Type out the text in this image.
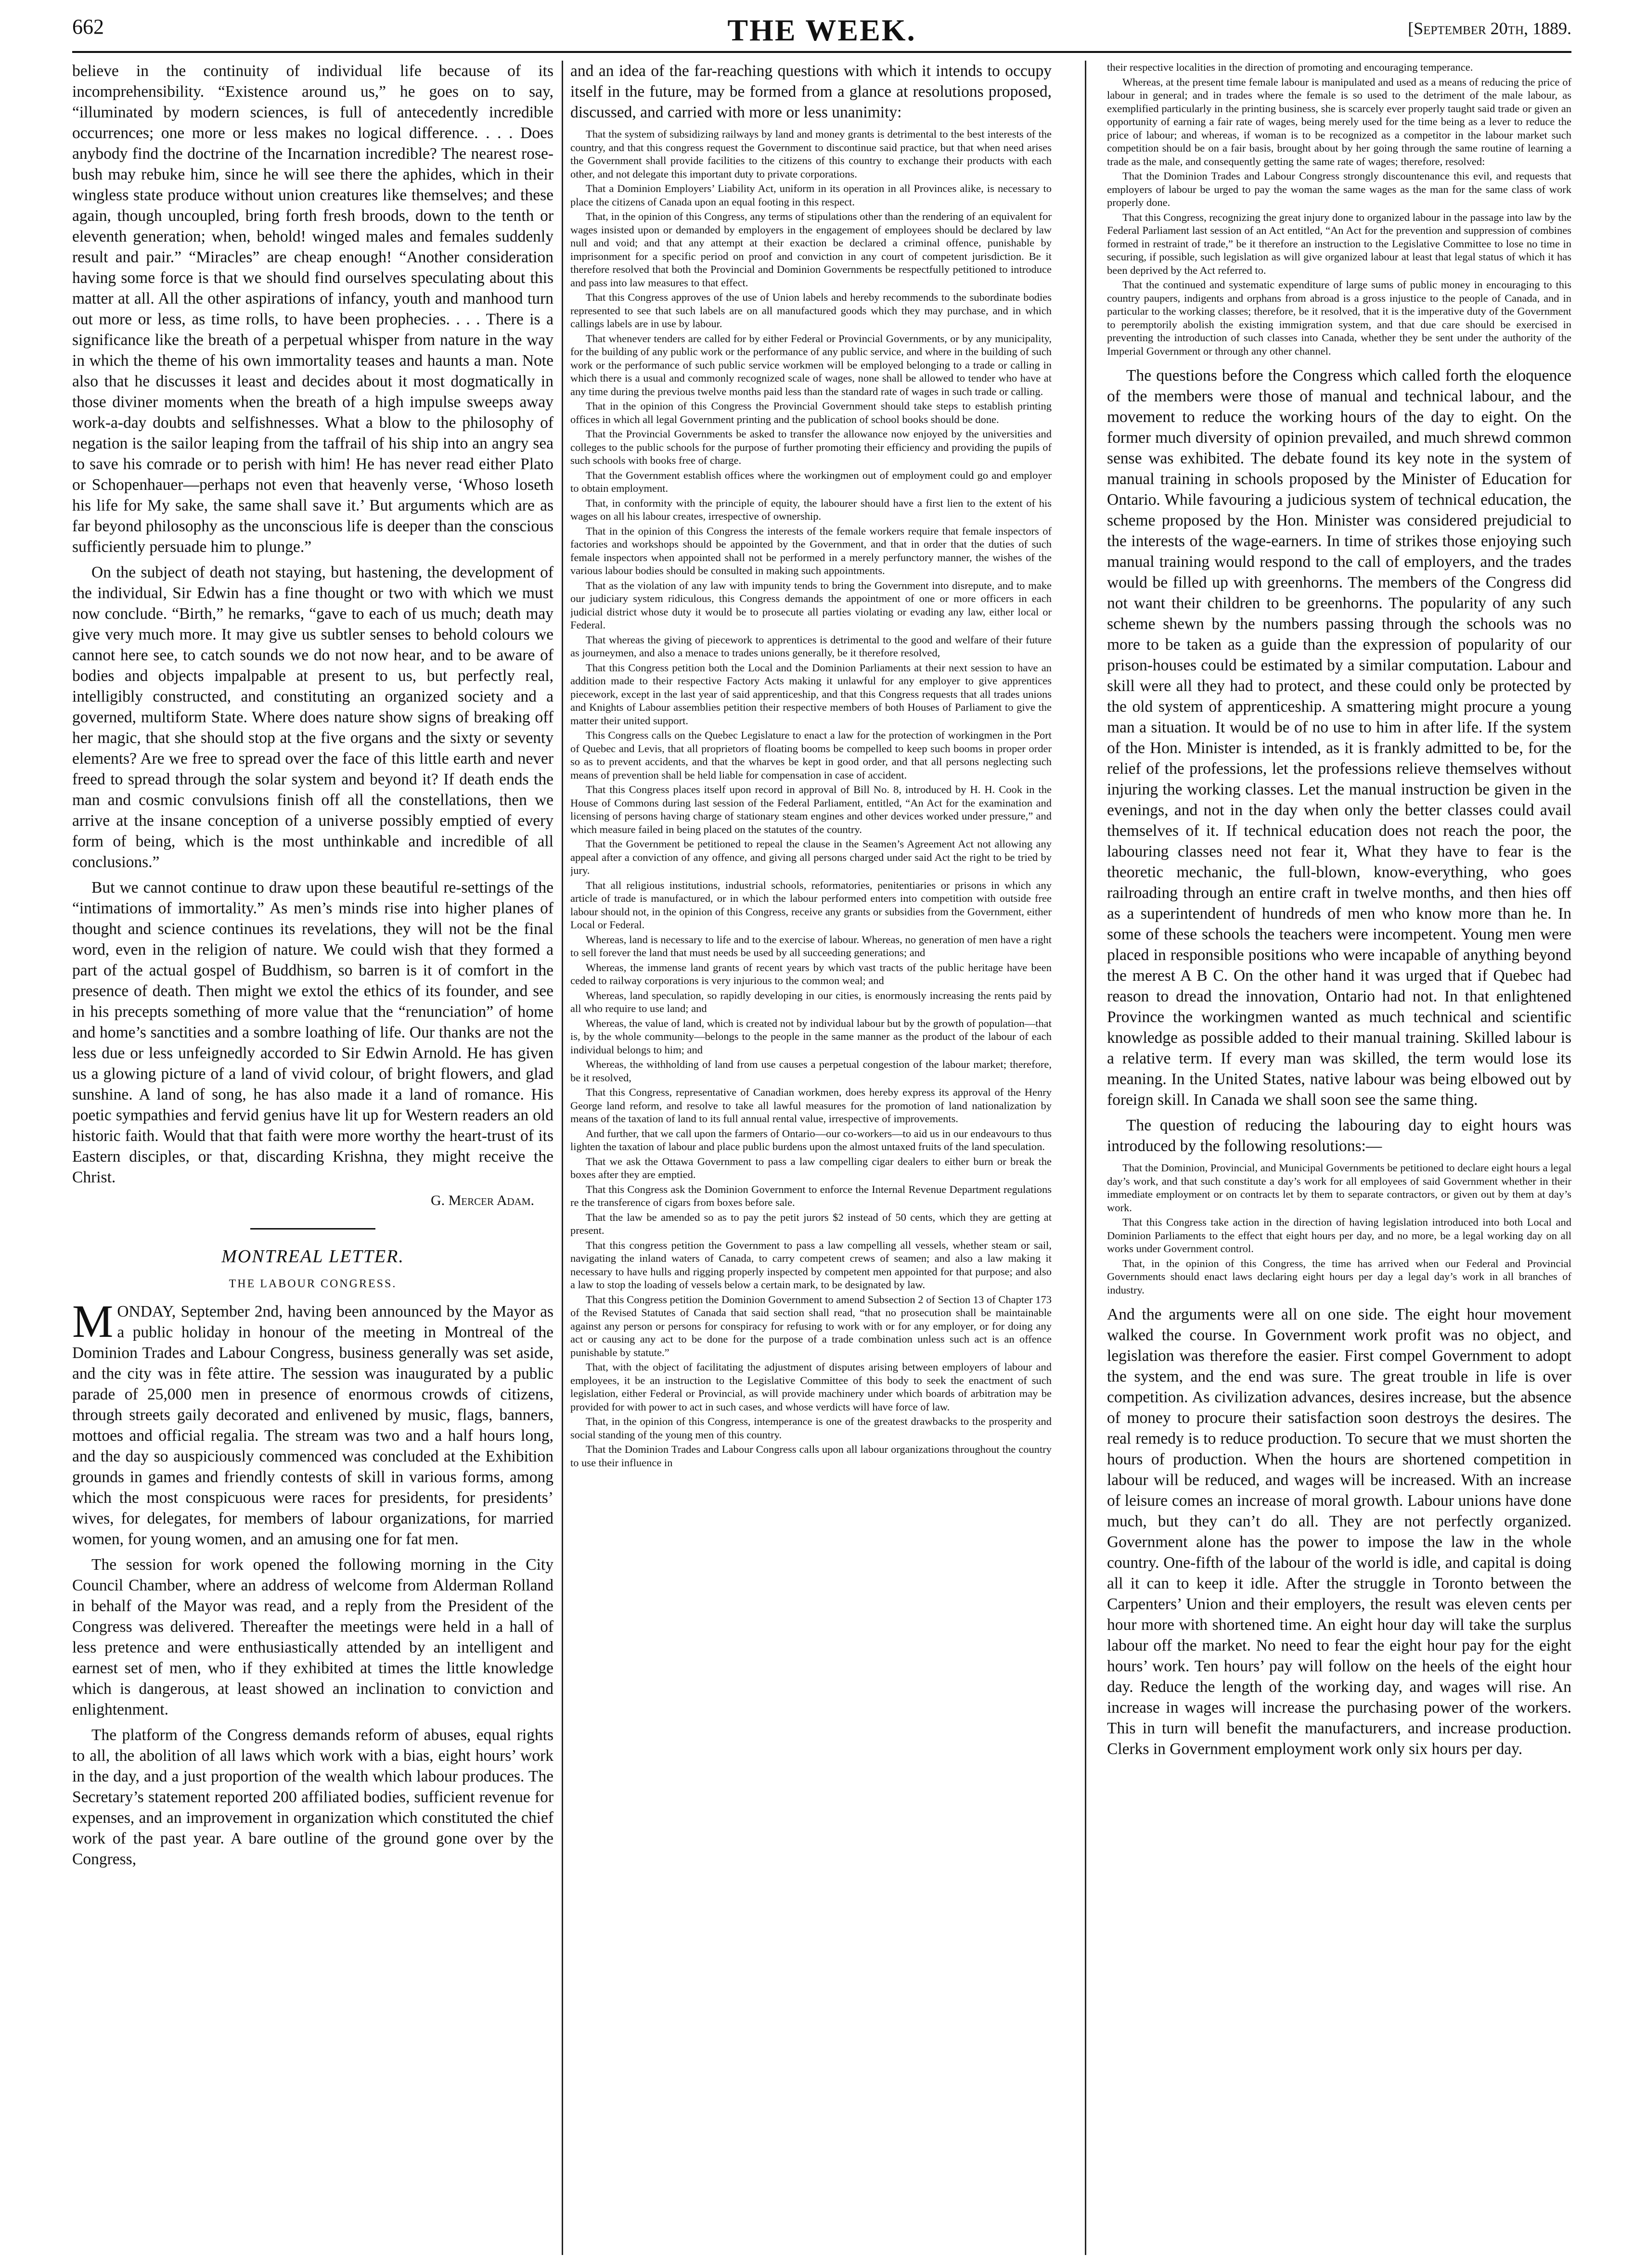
662	THE WEEK.	[September 20th, 1889.

believe in the continuity of individual life because of its incomprehensibility. “Existence around us,” he goes on to say, “illuminated by modern sciences, is full of antecedently incredible occurrences; one more or less makes no logical difference. . . . Does anybody find the doctrine of the Incarnation incredible? The nearest rose-bush may rebuke him, since he will see there the aphides, which in their wingless state produce without union creatures like themselves; and these again, though uncoupled, bring forth fresh broods, down to the tenth or eleventh generation; when, behold! winged males and females suddenly result and pair.” “Miracles” are cheap enough! “Another consideration having some force is that we should find ourselves speculating about this matter at all. All the other aspirations of infancy, youth and manhood turn out more or less, as time rolls, to have been prophecies. . . . There is a significance like the breath of a perpetual whisper from nature in the way in which the theme of his own immortality teases and haunts a man. Note also that he discusses it least and decides about it most dogmatically in those diviner moments when the breath of a high impulse sweeps away work-a-day doubts and selfishnesses. What a blow to the philosophy of negation is the sailor leaping from the taffrail of his ship into an angry sea to save his comrade or to perish with him! He has never read either Plato or Schopenhauer—perhaps not even that heavenly verse, ‘Whoso loseth his life for My sake, the same shall save it.’ But arguments which are as far beyond philosophy as the unconscious life is deeper than the conscious sufficiently persuade him to plunge.”

On the subject of death not staying, but hastening, the development of the individual, Sir Edwin has a fine thought or two with which we must now conclude. “Birth,” he remarks, “gave to each of us much; death may give very much more. It may give us subtler senses to behold colours we cannot here see, to catch sounds we do not now hear, and to be aware of bodies and objects impalpable at present to us, but perfectly real, intelligibly constructed, and constituting an organized society and a governed, multiform State. Where does nature show signs of breaking off her magic, that she should stop at the five organs and the sixty or seventy elements? Are we free to spread over the face of this little earth and never freed to spread through the solar system and beyond it? If death ends the man and cosmic convulsions finish off all the constellations, then we arrive at the insane conception of a universe possibly emptied of every form of being, which is the most unthinkable and incredible of all conclusions.”

But we cannot continue to draw upon these beautiful re-settings of the “intimations of immortality.” As men’s minds rise into higher planes of thought and science continues its revelations, they will not be the final word, even in the religion of nature. We could wish that they formed a part of the actual gospel of Buddhism, so barren is it of comfort in the presence of death. Then might we extol the ethics of its founder, and see in his precepts something of more value that the “renunciation” of home and home’s sanctities and a sombre loathing of life. Our thanks are not the less due or less unfeignedly accorded to Sir Edwin Arnold. He has given us a glowing picture of a land of vivid colour, of bright flowers, and glad sunshine. A land of song, he has also made it a land of romance. His poetic sympathies and fervid genius have lit up for Western readers an old historic faith. Would that that faith were more worthy the heart-trust of its Eastern disciples, or that, discarding Krishna, they might receive the Christ.

G. Mercer Adam.
MONTREAL LETTER.
THE LABOUR CONGRESS.

MONDAY, September 2nd, having been announced by the Mayor as a public holiday in honour of the meeting in Montreal of the Dominion Trades and Labour Congress, business generally was set aside, and the city was in fête attire. The session was inaugurated by a public parade of 25,000 men in presence of enormous crowds of citizens, through streets gaily decorated and enlivened by music, flags, banners, mottoes and official regalia. The stream was two and a half hours long, and the day so auspiciously commenced was concluded at the Exhibition grounds in games and friendly contests of skill in various forms, among which the most conspicuous were races for presidents, for presidents’ wives, for delegates, for members of labour organizations, for married women, for young women, and an amusing one for fat men.

The session for work opened the following morning in the City Council Chamber, where an address of welcome from Alderman Rolland in behalf of the Mayor was read, and a reply from the President of the Congress was delivered. Thereafter the meetings were held in a hall of less pretence and were enthusiastically attended by an intelligent and earnest set of men, who if they exhibited at times the little knowledge which is dangerous, at least showed an inclination to conviction and enlightenment.

The platform of the Congress demands reform of abuses, equal rights to all, the abolition of all laws which work with a bias, eight hours’ work in the day, and a just proportion of the wealth which labour produces. The Secretary’s statement reported 200 affiliated bodies, sufficient revenue for expenses, and an improvement in organization which constituted the chief work of the past year. A bare outline of the ground gone over by the Congress,

and an idea of the far-reaching questions with which it intends to occupy itself in the future, may be formed from a glance at resolutions proposed, discussed, and carried with more or less unanimity:

That the system of subsidizing railways by land and money grants is detrimental to the best interests of the country, and that this congress request the Government to discontinue said practice, but that when need arises the Government shall provide facilities to the citizens of this country to exchange their products with each other, and not delegate this important duty to private corporations.

That a Dominion Employers’ Liability Act, uniform in its operation in all Provinces alike, is necessary to place the citizens of Canada upon an equal footing in this respect.

That, in the opinion of this Congress, any terms of stipulations other than the rendering of an equivalent for wages insisted upon or demanded by employers in the engagement of employees should be declared by law null and void; and that any attempt at their exaction be declared a criminal offence, punishable by imprisonment for a specific period on proof and conviction in any court of competent jurisdiction. Be it therefore resolved that both the Provincial and Dominion Governments be respectfully petitioned to introduce and pass into law measures to that effect.

That this Congress approves of the use of Union labels and hereby recommends to the subordinate bodies represented to see that such labels are on all manufactured goods which they may purchase, and in which callings labels are in use by labour.

That whenever tenders are called for by either Federal or Provincial Governments, or by any municipality, for the building of any public work or the performance of any public service, and where in the building of such work or the performance of such public service workmen will be employed belonging to a trade or calling in which there is a usual and commonly recognized scale of wages, none shall be allowed to tender who have at any time during the previous twelve months paid less than the standard rate of wages in such trade or calling.

That in the opinion of this Congress the Provincial Government should take steps to establish printing offices in which all legal Government printing and the publication of school books should be done.

That the Provincial Governments be asked to transfer the allowance now enjoyed by the universities and colleges to the public schools for the purpose of further promoting their efficiency and providing the pupils of such schools with books free of charge.

That the Government establish offices where the workingmen out of employment could go and employer to obtain employment.

That, in conformity with the principle of equity, the labourer should have a first lien to the extent of his wages on all his labour creates, irrespective of ownership.

That in the opinion of this Congress the interests of the female workers require that female inspectors of factories and workshops should be appointed by the Government, and that in order that the duties of such female inspectors when appointed shall not be performed in a merely perfunctory manner, the wishes of the various labour bodies should be consulted in making such appointments.

That as the violation of any law with impunity tends to bring the Government into disrepute, and to make our judiciary system ridiculous, this Congress demands the appointment of one or more officers in each judicial district whose duty it would be to prosecute all parties violating or evading any law, either local or Federal.

That whereas the giving of piecework to apprentices is detrimental to the good and welfare of their future as journeymen, and also a menace to trades unions generally, be it therefore resolved,

That this Congress petition both the Local and the Dominion Parliaments at their next session to have an addition made to their respective Factory Acts making it unlawful for any employer to give apprentices piecework, except in the last year of said apprenticeship, and that this Congress requests that all trades unions and Knights of Labour assemblies petition their respective members of both Houses of Parliament to give the matter their united support.

This Congress calls on the Quebec Legislature to enact a law for the protection of workingmen in the Port of Quebec and Levis, that all proprietors of floating booms be compelled to keep such booms in proper order so as to prevent accidents, and that the wharves be kept in good order, and that all persons neglecting such means of prevention shall be held liable for compensation in case of accident.

That this Congress places itself upon record in approval of Bill No. 8, introduced by H. H. Cook in the House of Commons during last session of the Federal Parliament, entitled, “An Act for the examination and licensing of persons having charge of stationary steam engines and other devices worked under pressure,” and which measure failed in being placed on the statutes of the country.

That the Government be petitioned to repeal the clause in the Seamen’s Agreement Act not allowing any appeal after a conviction of any offence, and giving all persons charged under said Act the right to be tried by jury.

That all religious institutions, industrial schools, reformatories, penitentiaries or prisons in which any article of trade is manufactured, or in which the labour performed enters into competition with outside free labour should not, in the opinion of this Congress, receive any grants or subsidies from the Government, either Local or Federal.

Whereas, land is necessary to life and to the exercise of labour. Whereas, no generation of men have a right to sell forever the land that must needs be used by all succeeding generations; and

Whereas, the immense land grants of recent years by which vast tracts of the public heritage have been ceded to railway corporations is very injurious to the common weal; and

Whereas, land speculation, so rapidly developing in our cities, is enormously increasing the rents paid by all who require to use land; and

Whereas, the value of land, which is created not by individual labour but by the growth of population—that is, by the whole community—belongs to the people in the same manner as the product of the labour of each individual belongs to him; and

Whereas, the withholding of land from use causes a perpetual congestion of the labour market; therefore, be it resolved,

That this Congress, representative of Canadian workmen, does hereby express its approval of the Henry George land reform, and resolve to take all lawful measures for the promotion of land nationalization by means of the taxation of land to its full annual rental value, irrespective of improvements.

And further, that we call upon the farmers of Ontario—our co-workers—to aid us in our endeavours to thus lighten the taxation of labour and place public burdens upon the almost untaxed fruits of the land speculation.

That we ask the Ottawa Government to pass a law compelling cigar dealers to either burn or break the boxes after they are emptied.

That this Congress ask the Dominion Government to enforce the Internal Revenue Department regulations re the transference of cigars from boxes before sale.

That the law be amended so as to pay the petit jurors $2 instead of 50 cents, which they are getting at present.

That this congress petition the Government to pass a law compelling all vessels, whether steam or sail, navigating the inland waters of Canada, to carry competent crews of seamen; and also a law making it necessary to have hulls and rigging properly inspected by competent men appointed for that purpose; and also a law to stop the loading of vessels below a certain mark, to be designated by law.

That this Congress petition the Dominion Government to amend Subsection 2 of Section 13 of Chapter 173 of the Revised Statutes of Canada that said section shall read, “that no prosecution shall be maintainable against any person or persons for conspiracy for refusing to work with or for any employer, or for doing any act or causing any act to be done for the purpose of a trade combination unless such act is an offence punishable by statute.”

That, with the object of facilitating the adjustment of disputes arising between employers of labour and employees, it be an instruction to the Legislative Committee of this body to seek the enactment of such legislation, either Federal or Provincial, as will provide machinery under which boards of arbitration may be provided for with power to act in such cases, and whose verdicts will have force of law.

That, in the opinion of this Congress, intemperance is one of the greatest drawbacks to the prosperity and social standing of the young men of this country.

That the Dominion Trades and Labour Congress calls upon all labour organizations throughout the country to use their influence in

their respective localities in the direction of promoting and encouraging temperance.

Whereas, at the present time female labour is manipulated and used as a means of reducing the price of labour in general; and in trades where the female is so used to the detriment of the male labour, as exemplified particularly in the printing business, she is scarcely ever properly taught said trade or given an opportunity of earning a fair rate of wages, being merely used for the time being as a lever to reduce the price of labour; and whereas, if woman is to be recognized as a competitor in the labour market such competition should be on a fair basis, brought about by her going through the same routine of learning a trade as the male, and consequently getting the same rate of wages; therefore, resolved:

That the Dominion Trades and Labour Congress strongly discountenance this evil, and requests that employers of labour be urged to pay the woman the same wages as the man for the same class of work properly done.

That this Congress, recognizing the great injury done to organized labour in the passage into law by the Federal Parliament last session of an Act entitled, “An Act for the prevention and suppression of combines formed in restraint of trade,” be it therefore an instruction to the Legislative Committee to lose no time in securing, if possible, such legislation as will give organized labour at least that legal status of which it has been deprived by the Act referred to.

That the continued and systematic expenditure of large sums of public money in encouraging to this country paupers, indigents and orphans from abroad is a gross injustice to the people of Canada, and in particular to the working classes; therefore, be it resolved, that it is the imperative duty of the Government to peremptorily abolish the existing immigration system, and that due care should be exercised in preventing the introduction of such classes into Canada, whether they be sent under the authority of the Imperial Government or through any other channel.

The questions before the Congress which called forth the eloquence of the members were those of manual and technical labour, and the movement to reduce the working hours of the day to eight. On the former much diversity of opinion prevailed, and much shrewd common sense was exhibited. The debate found its key note in the system of manual training in schools proposed by the Minister of Education for Ontario. While favouring a judicious system of technical education, the scheme proposed by the Hon. Minister was considered prejudicial to the interests of the wage-earners. In time of strikes those enjoying such manual training would respond to the call of employers, and the trades would be filled up with greenhorns. The members of the Congress did not want their children to be greenhorns. The popularity of any such scheme shewn by the numbers passing through the schools was no more to be taken as a guide than the expression of popularity of our prison-houses could be estimated by a similar computation. Labour and skill were all they had to protect, and these could only be protected by the old system of apprenticeship. A smattering might procure a young man a situation. It would be of no use to him in after life. If the system of the Hon. Minister is intended, as it is frankly admitted to be, for the relief of the professions, let the professions relieve themselves without injuring the working classes. Let the manual instruction be given in the evenings, and not in the day when only the better classes could avail themselves of it. If technical education does not reach the poor, the labouring classes need not fear it, What they have to fear is the theoretic mechanic, the full-blown, know-everything, who goes railroading through an entire craft in twelve months, and then hies off as a superintendent of hundreds of men who know more than he. In some of these schools the teachers were incompetent. Young men were placed in responsible positions who were incapable of anything beyond the merest A B C. On the other hand it was urged that if Quebec had reason to dread the innovation, Ontario had not. In that enlightened Province the workingmen wanted as much technical and scientific knowledge as possible added to their manual training. Skilled labour is a relative term. If every man was skilled, the term would lose its meaning. In the United States, native labour was being elbowed out by foreign skill. In Canada we shall soon see the same thing.

The question of reducing the labouring day to eight hours was introduced by the following resolutions:—

That the Dominion, Provincial, and Municipal Governments be petitioned to declare eight hours a legal day’s work, and that such constitute a day’s work for all employees of said Government whether in their immediate employment or on contracts let by them to separate contractors, or given out by them at day’s work.

That this Congress take action in the direction of having legislation introduced into both Local and Dominion Parliaments to the effect that eight hours per day, and no more, be a legal working day on all works under Government control.

That, in the opinion of this Congress, the time has arrived when our Federal and Provincial Governments should enact laws declaring eight hours per day a legal day’s work in all branches of industry.

And the arguments were all on one side. The eight hour movement walked the course. In Government work profit was no object, and legislation was therefore the easier. First compel Government to adopt the system, and the end was sure. The great trouble in life is over competition. As civilization advances, desires increase, but the absence of money to procure their satisfaction soon destroys the desires. The real remedy is to reduce production. To secure that we must shorten the hours of production. When the hours are shortened competition in labour will be reduced, and wages will be increased. With an increase of leisure comes an increase of moral growth. Labour unions have done much, but they can’t do all. They are not perfectly organized. Government alone has the power to impose the law in the whole country. One-fifth of the labour of the world is idle, and capital is doing all it can to keep it idle. After the struggle in Toronto between the Carpenters’ Union and their employers, the result was eleven cents per hour more with shortened time. An eight hour day will take the surplus labour off the market. No need to fear the eight hour pay for the eight hours’ work. Ten hours’ pay will follow on the heels of the eight hour day. Reduce the length of the working day, and wages will rise. An increase in wages will increase the purchasing power of the workers. This in turn will benefit the manufacturers, and increase production. Clerks in Government employment work only six hours per day.
